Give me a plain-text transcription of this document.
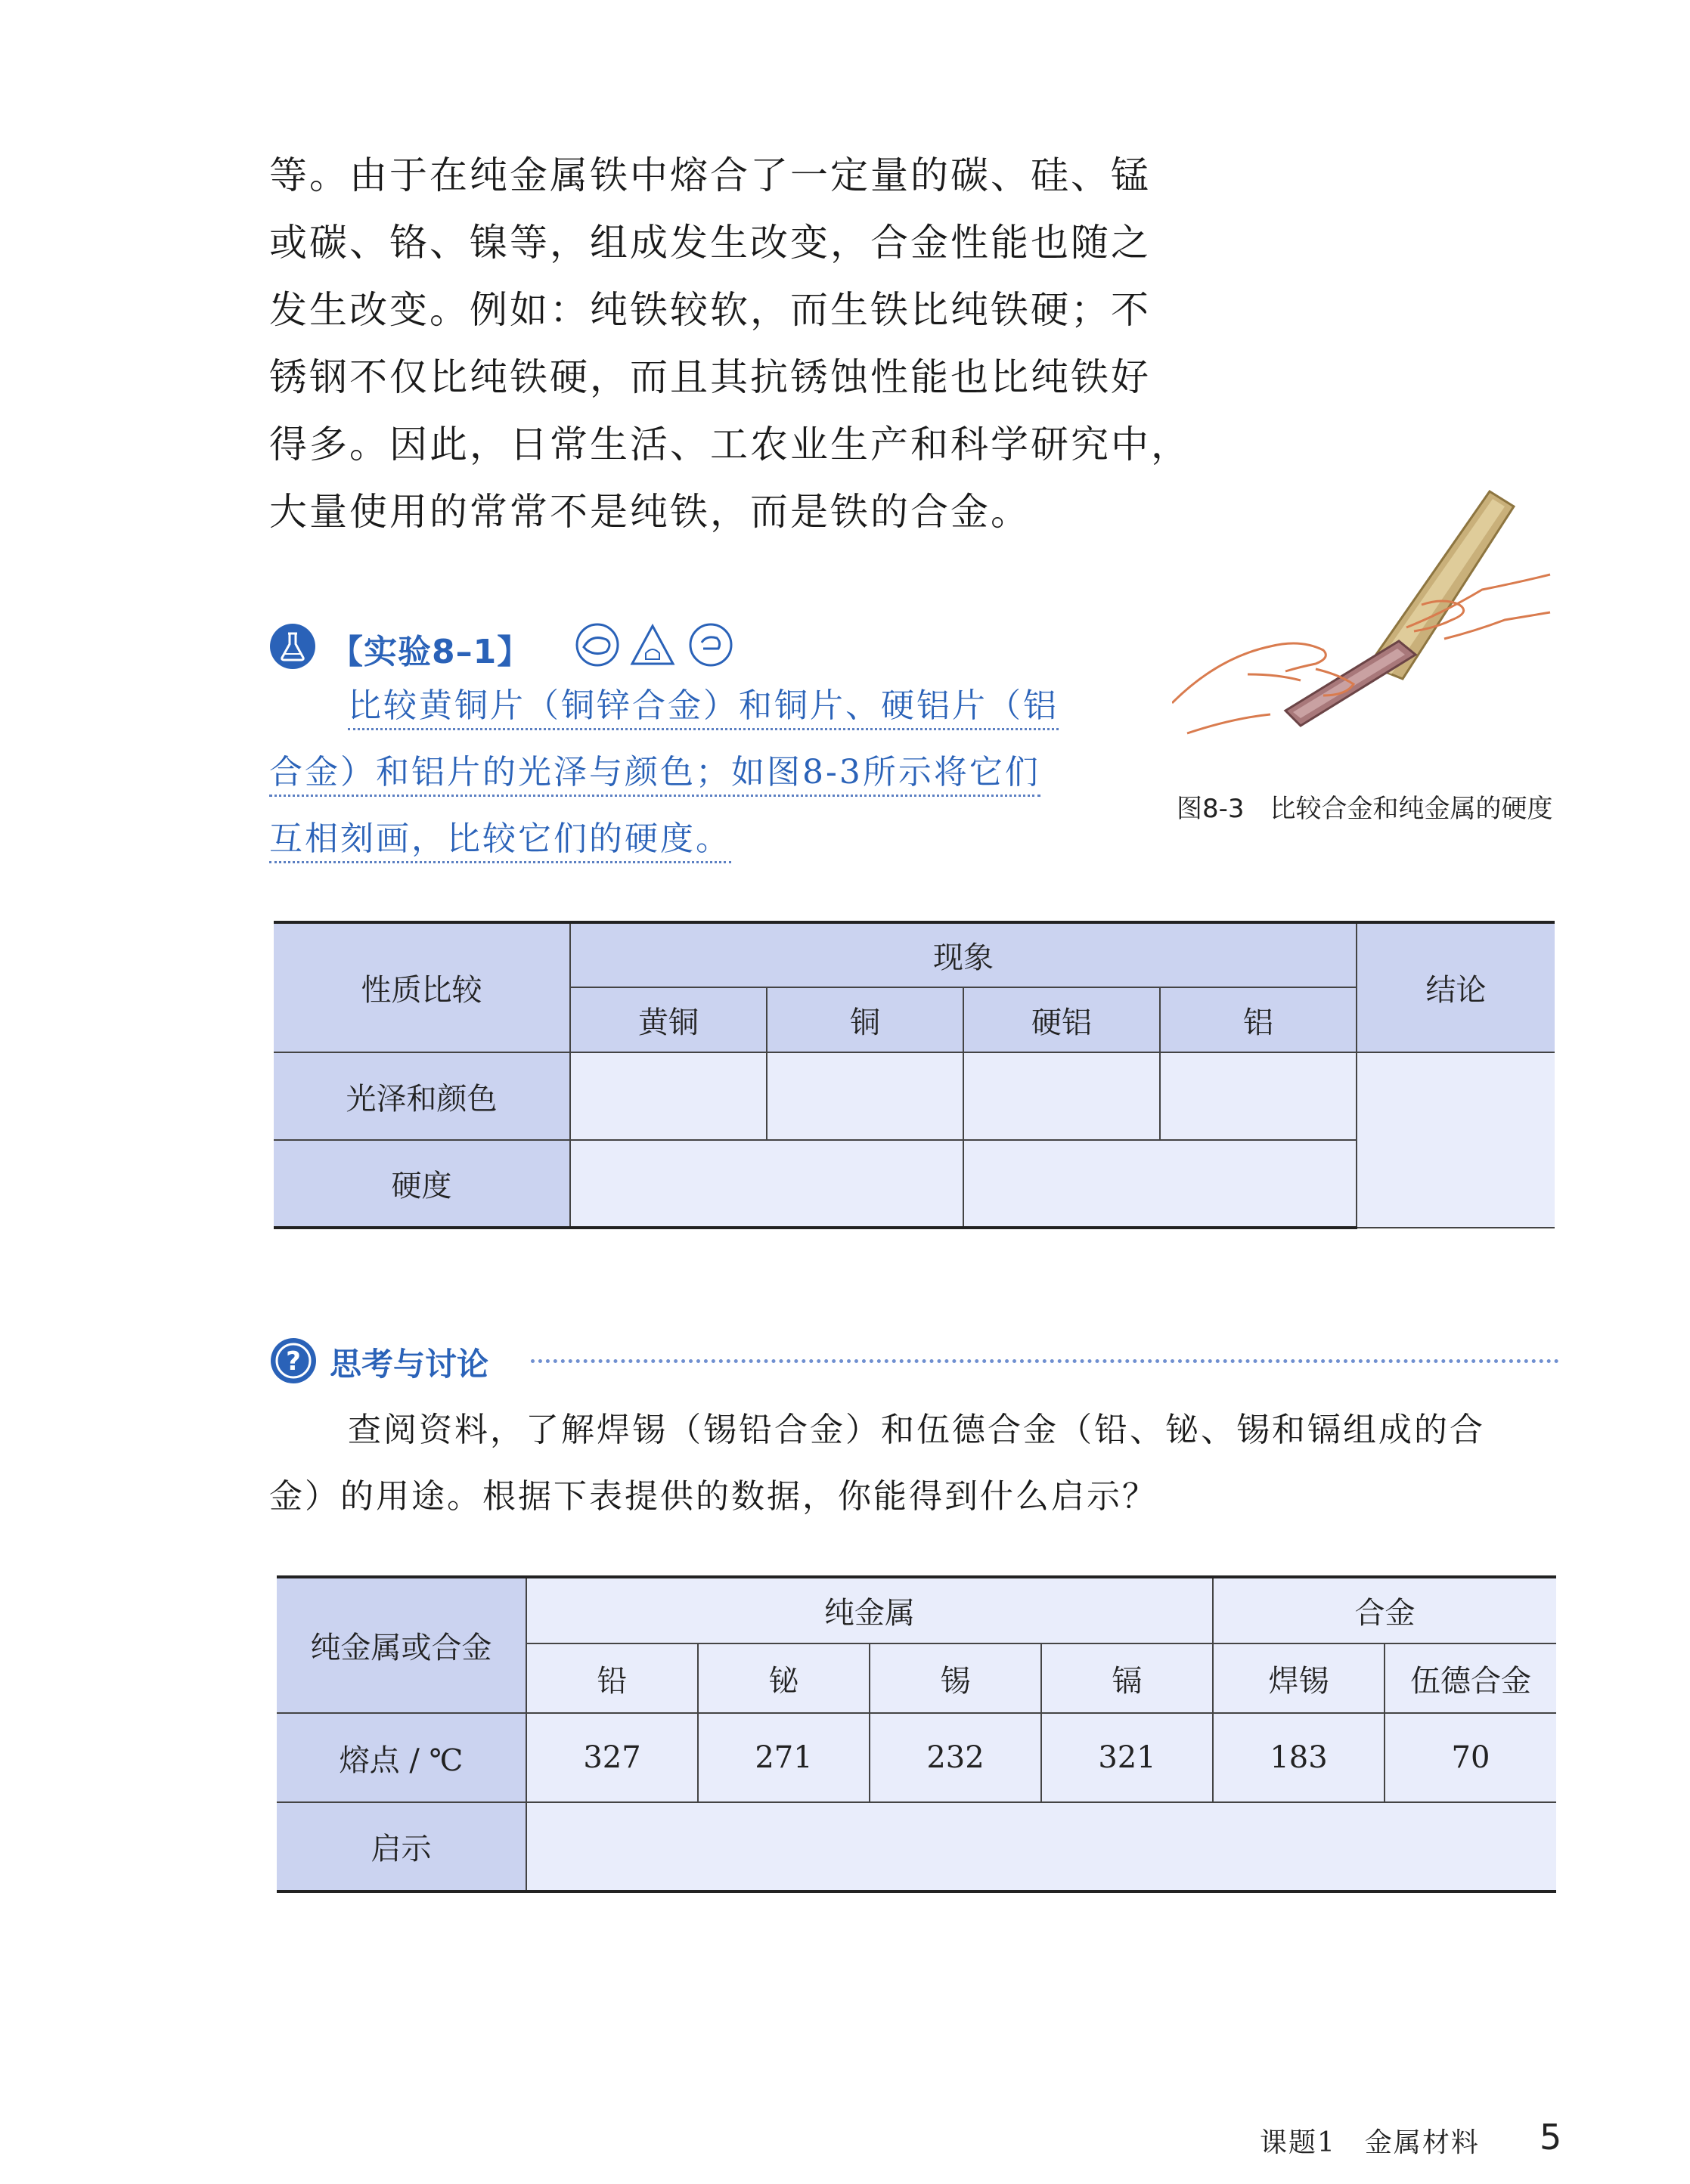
等。由于在纯金属铁中熔合了一定量的碳、硅、锰

或碳、铬、镍等，组成发生改变，合金性能也随之

发生改变。例如：纯铁较软，而生铁比纯铁硬；不

锈钢不仅比纯铁硬，而且其抗锈蚀性能也比纯铁好

得多。因此，日常生活、工农业生产和科学研究中，

大量使用的常常不是纯铁，而是铁的合金。

【实验8–1】

比较黄铜片（铜锌合金）和铜片、硬铝片（铝

合金）和铝片的光泽与颜色；如图8-3所示将它们

互相刻画，比较它们的硬度。

图8-3　比较合金和纯金属的硬度
性质比较	现象				结论
	黄铜	铜	硬铝	铝	
光泽和颜色					
硬度					
? 思考与讨论

查阅资料，了解焊锡（锡铅合金）和伍德合金（铅、铋、锡和镉组成的合

金）的用途。根据下表提供的数据，你能得到什么启示？

纯金属或合金	纯金属				合金	
	铅	铋	锡	镉	焊锡	伍德合金
熔点 / ℃	327	271	232	321	183	70
启示						
课题1　金属材料 5
